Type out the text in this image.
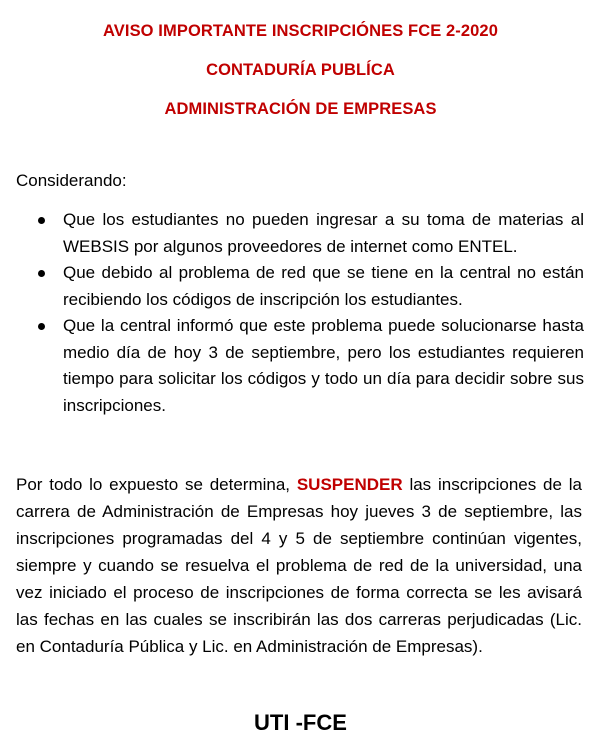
AVISO IMPORTANTE INSCRIPCIÓNES FCE 2-2020
CONTADURÍA PUBLÍCA
ADMINISTRACIÓN DE EMPRESAS
Considerando:
Que los estudiantes no pueden ingresar a su toma de materias al WEBSIS por algunos proveedores de internet como ENTEL.
Que debido al problema de red que se tiene en la central no están recibiendo los códigos de inscripción los estudiantes.
Que la central informó que este problema puede solucionarse hasta medio día de hoy 3 de septiembre, pero los estudiantes requieren tiempo para solicitar los códigos y todo un día para decidir sobre sus inscripciones.

Por todo lo expuesto se determina, SUSPENDER las inscripciones de la carrera de Administración de Empresas hoy jueves 3 de septiembre, las inscripciones programadas del 4 y 5 de septiembre continúan vigentes, siempre y cuando se resuelva el problema de red de la universidad, una vez iniciado el proceso de inscripciones de forma correcta se les avisará las fechas en las cuales se inscribirán las dos carreras perjudicadas (Lic. en Contaduría Pública y Lic. en Administración de Empresas).

UTI -FCE
